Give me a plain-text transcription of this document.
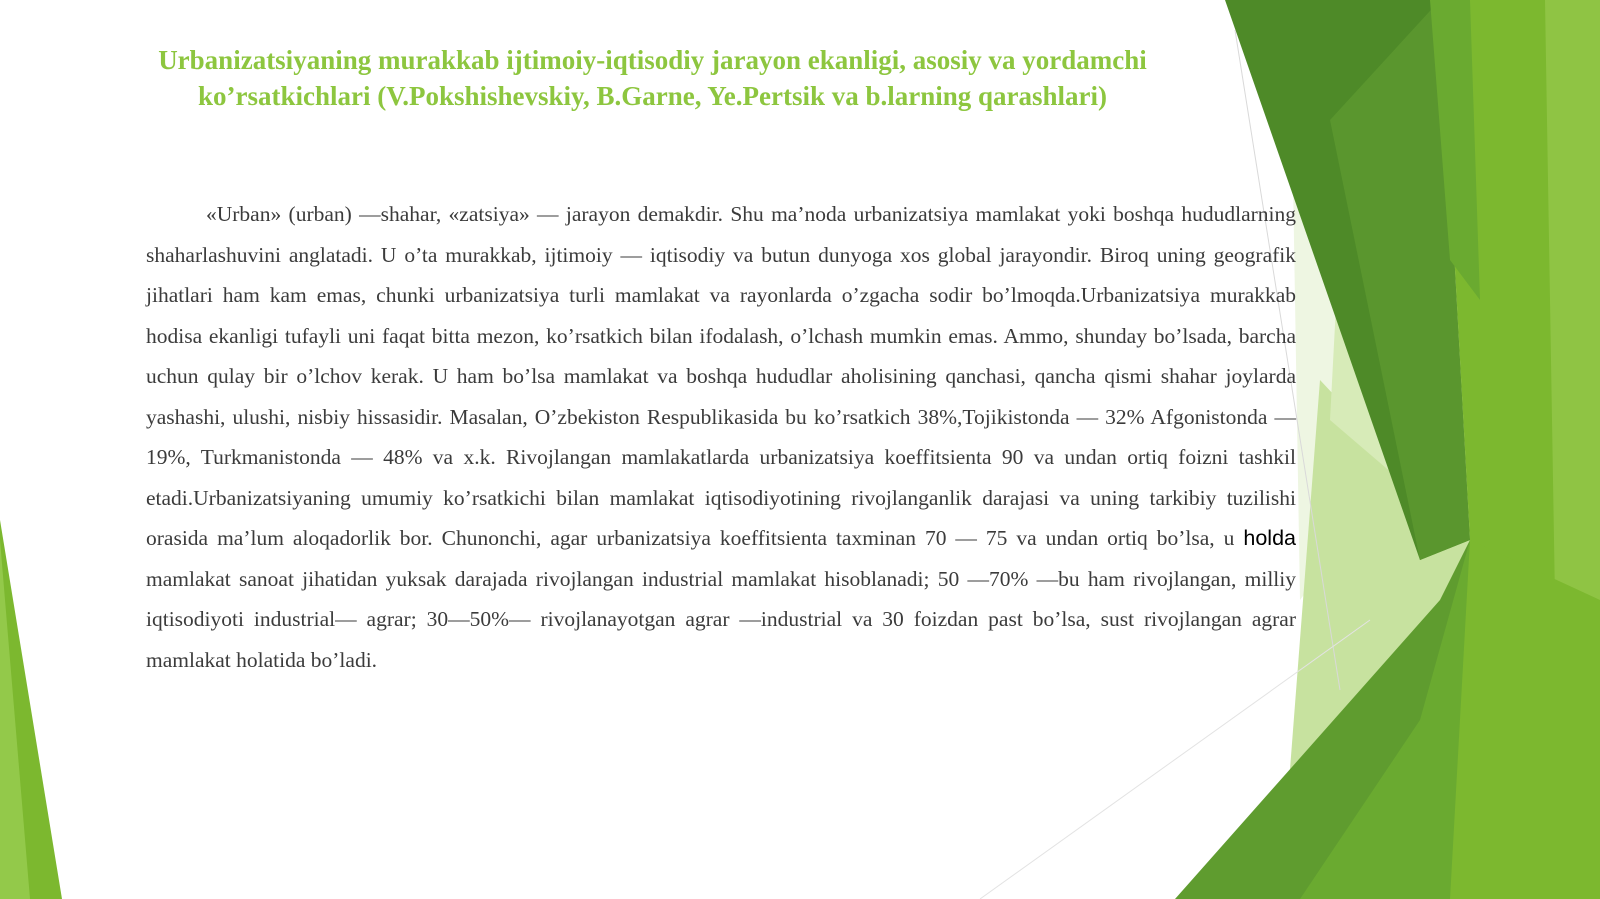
Urbanizatsiyaning murakkab ijtimoiy-iqtisodiy jarayon ekanligi, asosiy va yordamchi ko’rsatkichlari (V.Pokshishevskiy, B.Garne, Ye.Pertsik va b.larning qarashlari)

«Urban» (urban) —shahar, «zatsiya» — jarayon demakdir. Shu ma’noda urbanizatsiya mamlakat yoki boshqa hududlarning shaharlashuvini anglatadi. U o’ta murakkab, ijtimoiy — iqtisodiy va butun dunyoga xos global jarayondir. Biroq uning geografik jihatlari ham kam emas, chunki urbanizatsiya turli mamlakat va rayonlarda o’zgacha sodir bo’lmoqda.Urbanizatsiya murakkab hodisa ekanligi tufayli uni faqat bitta mezon, ko’rsatkich bilan ifodalash, o’lchash mumkin emas. Ammo, shunday bo’lsada, barcha uchun qulay bir o’lchov kerak. U ham bo’lsa mamlakat va boshqa hududlar aholisining qanchasi, qancha qismi shahar joylarda yashashi, ulushi, nisbiy hissasidir. Masalan, O’zbekiston Respublikasida bu ko’rsatkich 38%,Tojikistonda — 32% Afgonistonda — 19%, Turkmanistonda — 48% va x.k. Rivojlangan mamlakatlarda urbanizatsiya koeffitsienta 90 va undan ortiq foizni tashkil etadi.Urbanizatsiyaning umumiy ko’rsatkichi bilan mamlakat iqtisodiyotining rivojlanganlik darajasi va uning tarkibiy tuzilishi orasida ma’lum aloqadorlik bor. Chunonchi, agar urbanizatsiya koeffitsienta taxminan 70 — 75 va undan ortiq bo’lsa, u holda mamlakat sanoat jihatidan yuksak darajada rivojlangan industrial mamlakat hisoblanadi; 50 —70% —bu ham rivojlangan, milliy iqtisodiyoti industrial— agrar; 30—50%— rivojlanayotgan agrar —industrial va 30 foizdan past bo’lsa, sust rivojlangan agrar mamlakat holatida bo’ladi.
